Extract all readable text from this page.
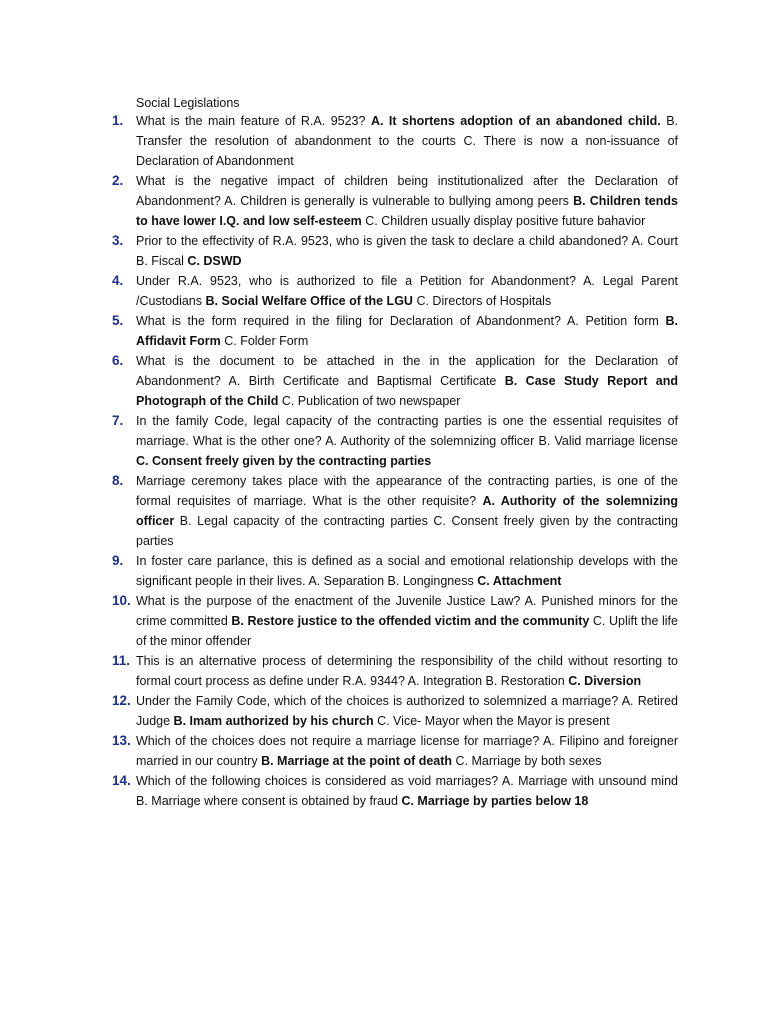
Social Legislations
1. What is the main feature of R.A. 9523? A. It shortens adoption of an abandoned child. B. Transfer the resolution of abandonment to the courts C. There is now a non-issuance of Declaration of Abandonment
2. What is the negative impact of children being institutionalized after the Declaration of Abandonment? A. Children is generally is vulnerable to bullying among peers B. Children tends to have lower I.Q. and low self-esteem C. Children usually display positive future bahavior
3. Prior to the effectivity of R.A. 9523, who is given the task to declare a child abandoned? A. Court B. Fiscal C. DSWD
4. Under R.A. 9523, who is authorized to file a Petition for Abandonment? A. Legal Parent /Custodians B. Social Welfare Office of the LGU C. Directors of Hospitals
5. What is the form required in the filing for Declaration of Abandonment? A. Petition form B. Affidavit Form C. Folder Form
6. What is the document to be attached in the in the application for the Declaration of Abandonment? A. Birth Certificate and Baptismal Certificate B. Case Study Report and Photograph of the Child C. Publication of two newspaper
7. In the family Code, legal capacity of the contracting parties is one the essential requisites of marriage. What is the other one? A. Authority of the solemnizing officer B. Valid marriage license C. Consent freely given by the contracting parties
8. Marriage ceremony takes place with the appearance of the contracting parties, is one of the formal requisites of marriage. What is the other requisite? A. Authority of the solemnizing officer B. Legal capacity of the contracting parties C. Consent freely given by the contracting parties
9. In foster care parlance, this is defined as a social and emotional relationship develops with the significant people in their lives. A. Separation B. Longingness C. Attachment
10. What is the purpose of the enactment of the Juvenile Justice Law? A. Punished minors for the crime committed B. Restore justice to the offended victim and the community C. Uplift the life of the minor offender
11. This is an alternative process of determining the responsibility of the child without resorting to formal court process as define under R.A. 9344? A. Integration B. Restoration C. Diversion
12. Under the Family Code, which of the choices is authorized to solemnized a marriage? A. Retired Judge B. Imam authorized by his church C. Vice- Mayor when the Mayor is present
13. Which of the choices does not require a marriage license for marriage? A. Filipino and foreigner married in our country B. Marriage at the point of death C. Marriage by both sexes
14. Which of the following choices is considered as void marriages? A. Marriage with unsound mind B. Marriage where consent is obtained by fraud C. Marriage by parties below 18
